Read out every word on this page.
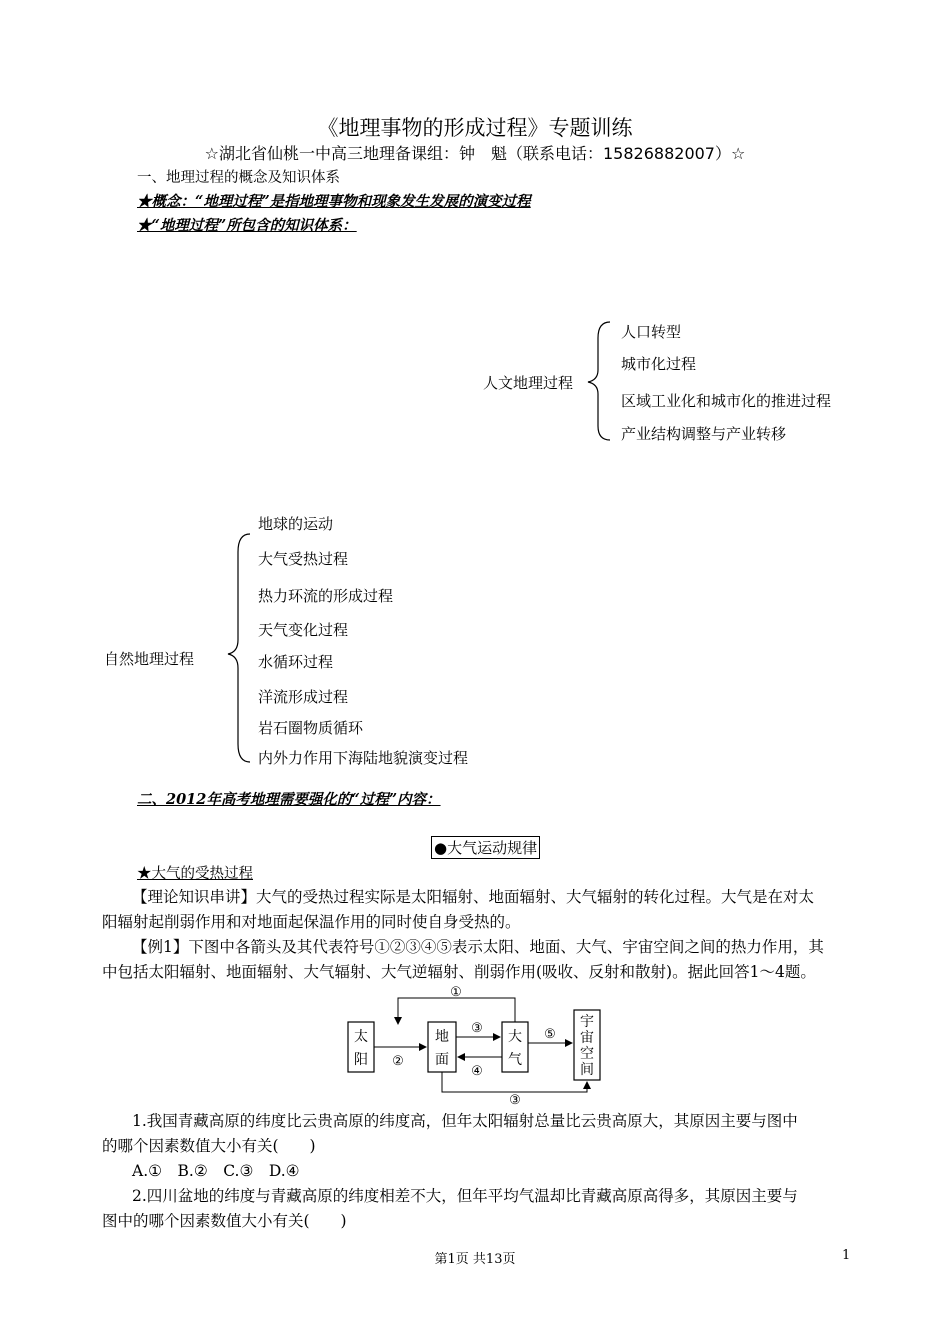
《地理事物的形成过程》专题训练
☆湖北省仙桃一中高三地理备课组：钟　魁（联系电话：15826882007）☆
一、地理过程的概念及知识体系
★概念：“地理过程”是指地理事物和现象发生发展的演变过程
★“地理过程”所包含的知识体系：
人文地理过程
人口转型
城市化过程
区域工业化和城市化的推进过程
产业结构调整与产业转移
自然地理过程
地球的运动
大气受热过程
热力环流的形成过程
天气变化过程
水循环过程
洋流形成过程
岩石圈物质循环
内外力作用下海陆地貌演变过程
二、2012年高考地理需要强化的“过程”内容：
●大气运动规律
★大气的受热过程
【理论知识串讲】大气的受热过程实际是太阳辐射、地面辐射、大气辐射的转化过程。大气是在对太
阳辐射起削弱作用和对地面起保温作用的同时使自身受热的。
【例1】下图中各箭头及其代表符号①②③④⑤表示太阳、地面、大气、宇宙空间之间的热力作用，其
中包括太阳辐射、地面辐射、大气辐射、大气逆辐射、削弱作用(吸收、反射和散射)。据此回答1～4题。
太
阳
地
面
大
气
宇
宙
空
间
①
②
③
④
⑤
③
1.我国青藏高原的纬度比云贵高原的纬度高，但年太阳辐射总量比云贵高原大，其原因主要与图中
的哪个因素数值大小有关(　　)
A.①　B.②　C.③　D.④
2.四川盆地的纬度与青藏高原的纬度相差不大，但年平均气温却比青藏高原高得多，其原因主要与
图中的哪个因素数值大小有关(　　)
第1页 共13页	1
